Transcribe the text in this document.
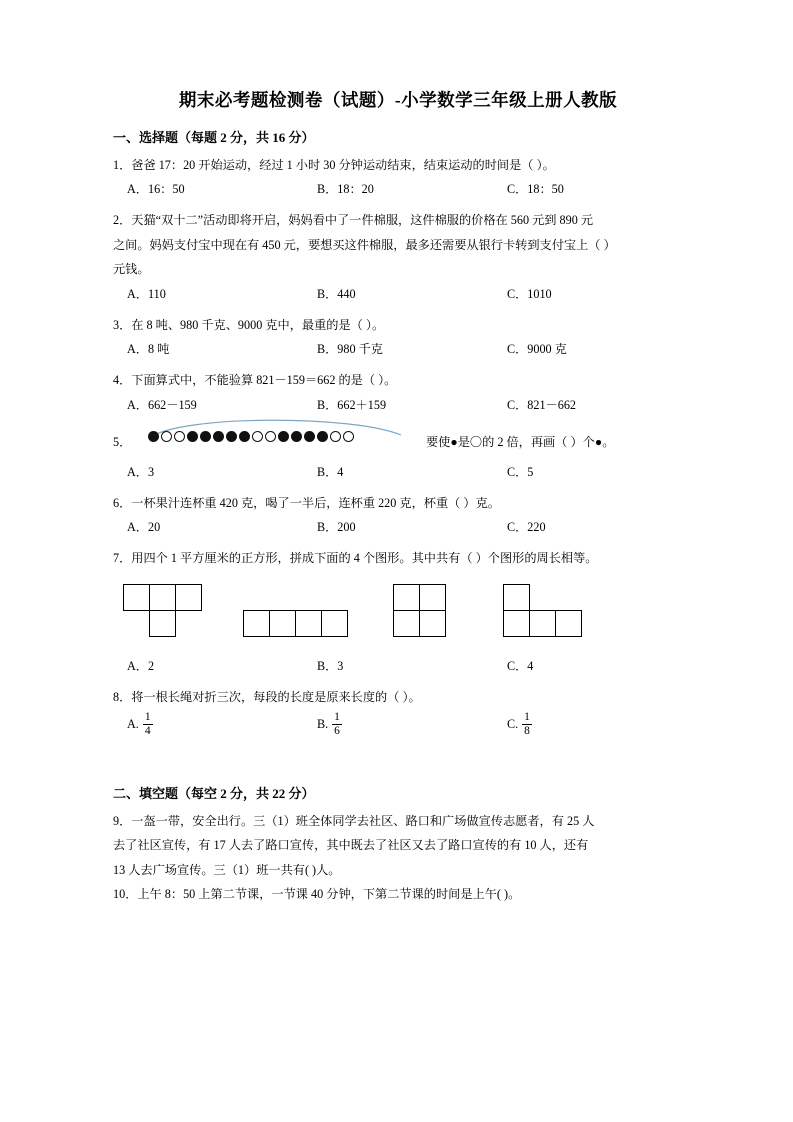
期末必考题检测卷（试题）-小学数学三年级上册人教版
一、选择题（每题 2 分，共 16 分）
1．爸爸 17：20 开始运动，经过 1 小时 30 分钟运动结束，结束运动的时间是（ ）。
A．16：50	B．18：20	C．18：50
2．天猫“双十二”活动即将开启，妈妈看中了一件棉服，这件棉服的价格在 560 元到 890 元
之间。妈妈支付宝中现在有 450 元，要想买这件棉服，最多还需要从银行卡转到支付宝上（ ）
元钱。
A．110	B．440	C．1010
3．在 8 吨、980 千克、9000 克中，最重的是（ ）。
A．8 吨	B．980 千克	C．9000 克
4．下面算式中，不能验算 821－159＝662 的是（ ）。
A．662－159	B．662＋159	C．821－662
5．	要使●是〇的 2 倍，再画（ ）个●。
A．3	B．4	C．5
6．一杯果汁连杯重 420 克，喝了一半后，连杯重 220 克，杯重（ ）克。
A．20	B．200	C．220
7．用四个 1 平方厘米的正方形，拼成下面的 4 个图形。其中共有（ ）个图形的周长相等。
A．2	B．3	C．4
8．将一根长绳对折三次，每段的长度是原来长度的（ ）。
A. $\frac{1}{4}$	B. $\frac{1}{6}$	C. $\frac{1}{8}$
二、填空题（每空 2 分，共 22 分）
9．一盔一带，安全出行。三（1）班全体同学去社区、路口和广场做宣传志愿者，有 25 人
去了社区宣传，有 17 人去了路口宣传，其中既去了社区又去了路口宣传的有 10 人，还有
13 人去广场宣传。三（1）班一共有( )人。
10．上午 8：50 上第二节课，一节课 40 分钟，下第二节课的时间是上午( )。
